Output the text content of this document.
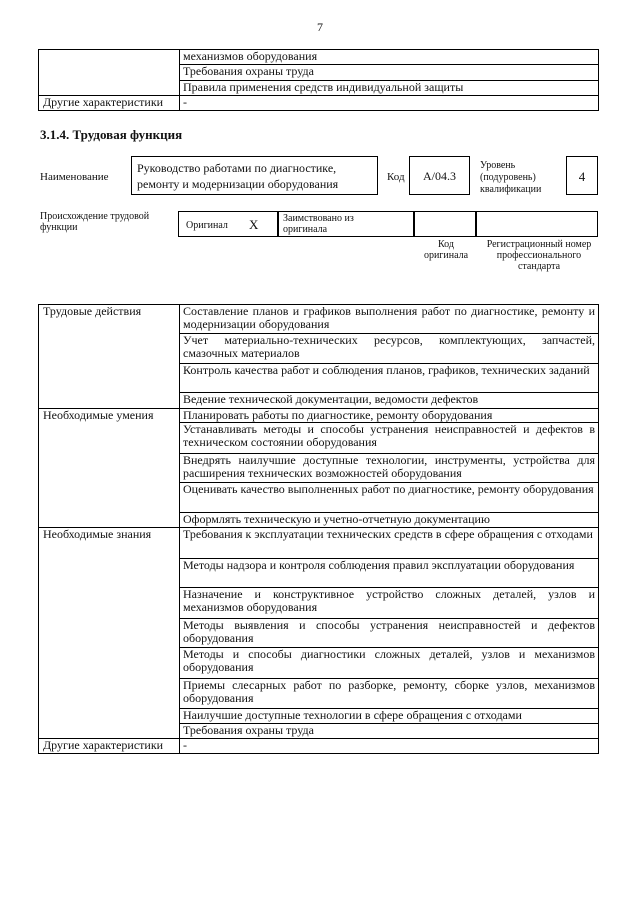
7
	механизмов оборудования
	Требования охраны труда
	Правила применения средств индивидуальной защиты
Другие характеристики	-
3.1.4. Трудовая функция
Наименование
Руководство работами по диагностике, ремонту и модернизации оборудования	Код	А/04.3
Уровень (подуровень) квалификации
4
Происхождение трудовой функции	Оригинал X Заимствовано из оригинала
Код оригинала
Регистрационный номер профессионального стандарта
Трудовые действия	Составление планов и графиков выполнения работ по диагностике, ремонту и модернизации оборудования
	Учет материально-технических ресурсов, комплектующих, запчастей, смазочных материалов
	Контроль качества работ и соблюдения планов, графиков, технических заданий
	Ведение технической документации, ведомости дефектов
Необходимые умения	Планировать работы по диагностике, ремонту оборудования
	Устанавливать методы и способы устранения неисправностей и дефектов в техническом состоянии оборудования
	Внедрять наилучшие доступные технологии, инструменты, устройства для расширения технических возможностей оборудования
	Оценивать качество выполненных работ по диагностике, ремонту оборудования
	Оформлять техническую и учетно-отчетную документацию
Необходимые знания	Требования к эксплуатации технических средств в сфере обращения с отходами
	Методы надзора и контроля соблюдения правил эксплуатации оборудования
	Назначение и конструктивное устройство сложных деталей, узлов и механизмов оборудования
	Методы выявления и способы устранения неисправностей и дефектов оборудования
	Методы и способы диагностики сложных деталей, узлов и механизмов оборудования
	Приемы слесарных работ по разборке, ремонту, сборке узлов, механизмов оборудования
	Наилучшие доступные технологии в сфере обращения с отходами
	Требования охраны труда
Другие характеристики	-
